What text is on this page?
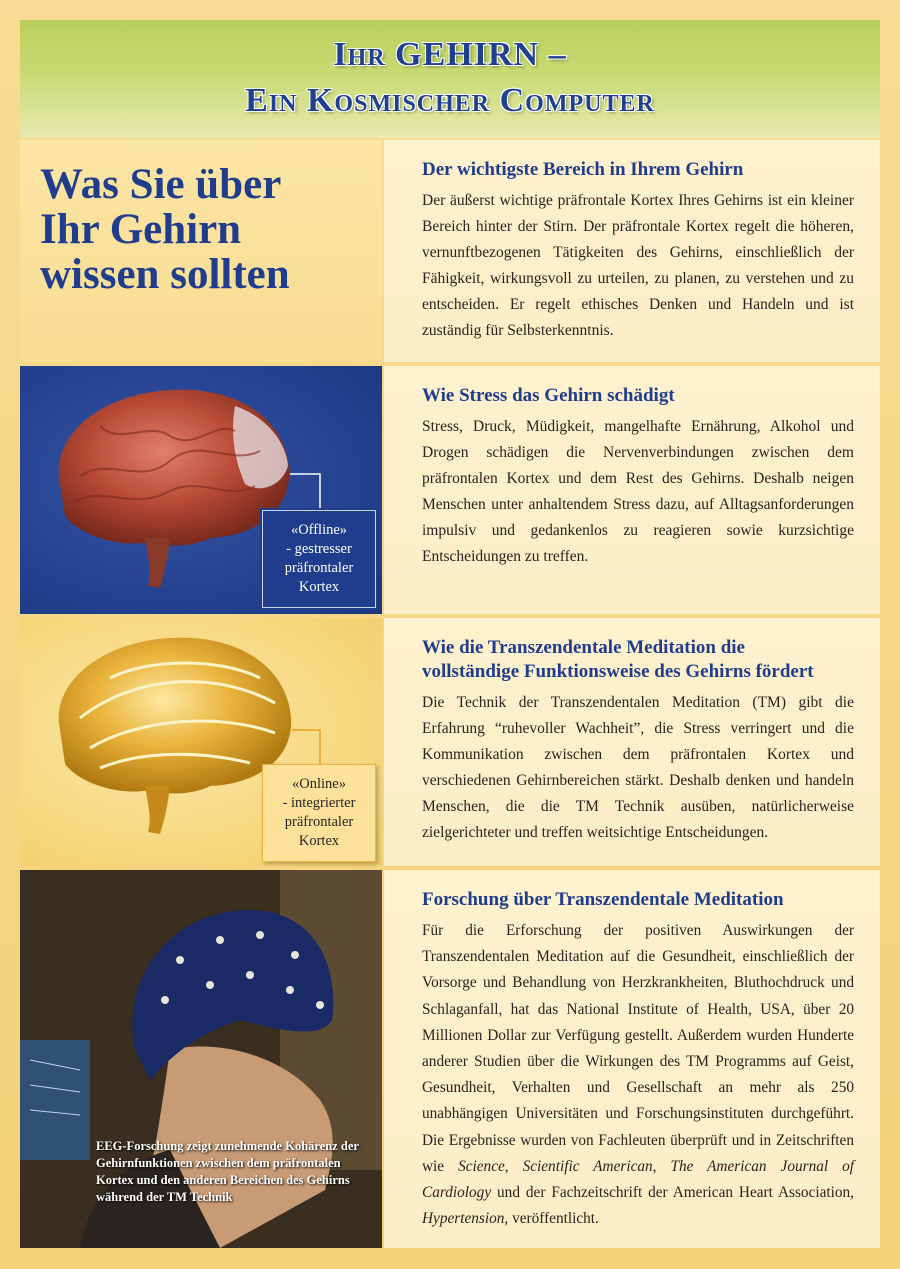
Ihr GEHIRN –
Ein Kosmischer Computer
Was Sie über
Ihr Gehirn
wissen sollten
Der wichtigste Bereich in Ihrem Gehirn

Der äußerst wichtige präfrontale Kortex Ihres Gehirns ist ein kleiner Bereich hinter der Stirn. Der präfrontale Kortex regelt die höheren, vernunftbezogenen Tätigkeiten des Gehirns, einschließlich der Fähigkeit, wirkungsvoll zu urteilen, zu planen, zu verstehen und zu entscheiden. Er regelt ethisches Denken und Handeln und ist zuständig für Selbsterkenntnis.

«Offline»
- gestresser
präfrontaler
Kortex
Wie Stress das Gehirn schädigt

Stress, Druck, Müdigkeit, mangelhafte Ernährung, Alkohol und Drogen schädigen die Nervenverbindungen zwischen dem präfrontalen Kortex und dem Rest des Gehirns. Deshalb neigen Menschen unter anhaltendem Stress dazu, auf Alltagsanforderungen impulsiv und gedankenlos zu reagieren sowie kurzsichtige Entscheidungen zu treffen.

«Online»
- integrierter
präfrontaler
Kortex
Wie die Transzendentale Meditation die
vollständige Funktionsweise des Gehirns fördert

Die Technik der Transzendentalen Meditation (TM) gibt die Erfahrung “ruhevoller Wachheit”, die Stress verringert und die Kommunikation zwischen dem präfrontalen Kortex und verschiedenen Gehirnbereichen stärkt. Deshalb denken und handeln Menschen, die die TM Technik ausüben, natürlicherweise zielgerichteter und treffen weitsichtige Entscheidungen.

EEG-Forschung zeigt zunehmende Kohärenz der Gehirnfunktionen zwischen dem präfrontalen Kortex und den anderen Bereichen des Gehirns während der TM Technik
Forschung über Transzendentale Meditation

Für die Erforschung der positiven Auswirkungen der Transzendentalen Meditation auf die Gesundheit, einschließlich der Vorsorge und Behandlung von Herzkrankheiten, Bluthochdruck und Schlaganfall, hat das National Institute of Health, USA, über 20 Millionen Dollar zur Verfügung gestellt. Außerdem wurden Hunderte anderer Studien über die Wirkungen des TM Programms auf Geist, Gesundheit, Verhalten und Gesellschaft an mehr als 250 unabhängigen Universitäten und Forschungsinstituten durchgeführt. Die Ergebnisse wurden von Fachleuten überprüft und in Zeitschriften wie Science, Scientific American, The American Journal of Cardiology und der Fachzeitschrift der American Heart Association, Hypertension, veröffentlicht.
